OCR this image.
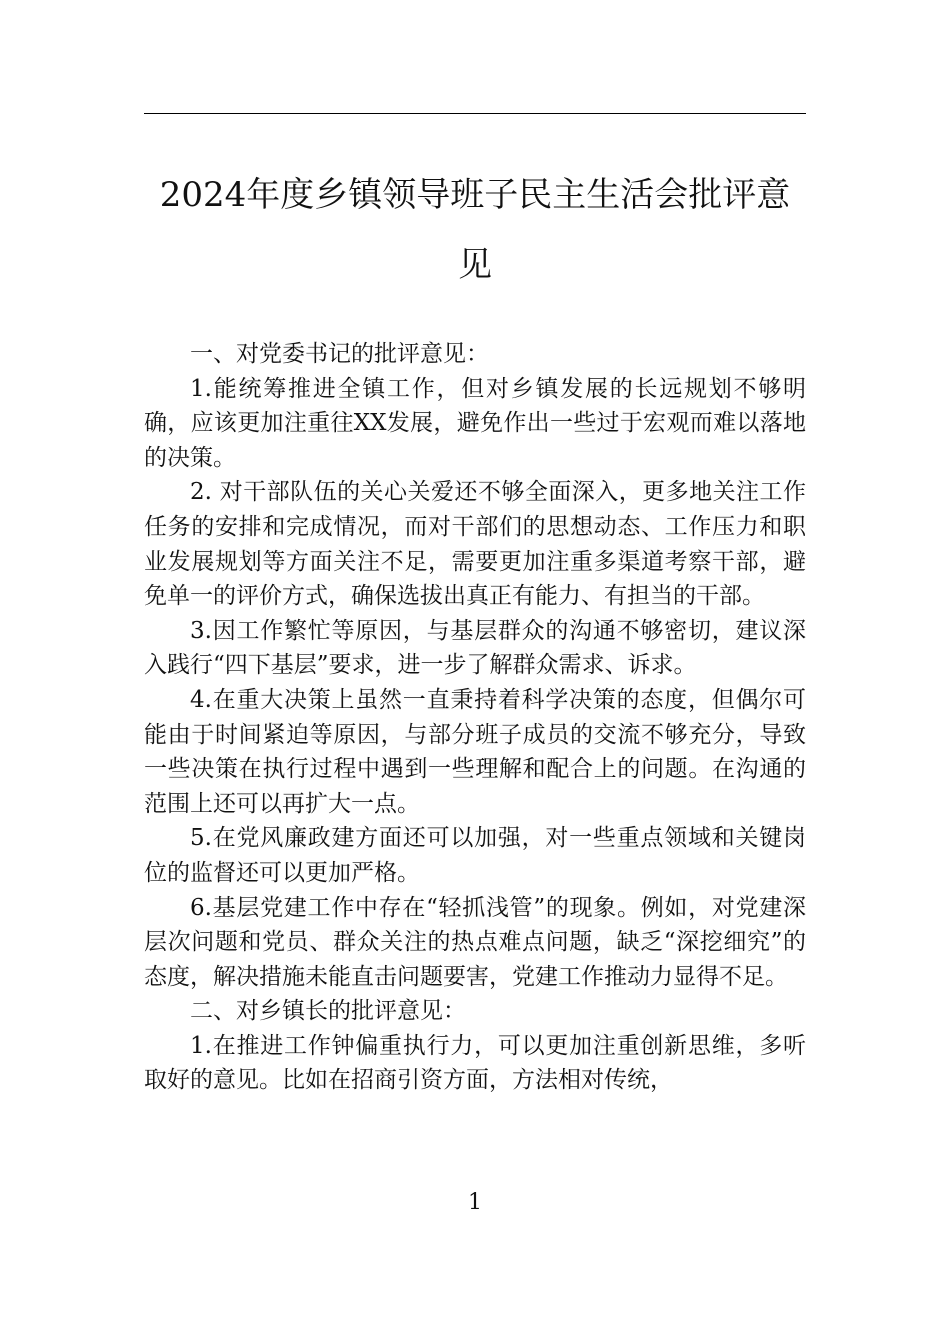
2024年度乡镇领导班子民主生活会批评意见

一、对党委书记的批评意见：

1.能统筹推进全镇工作，但对乡镇发展的长远规划不够明确，应该更加注重往XX发展，避免作出一些过于宏观而难以落地的决策。

2. 对干部队伍的关心关爱还不够全面深入，更多地关注工作任务的安排和完成情况，而对干部们的思想动态、工作压力和职业发展规划等方面关注不足，需要更加注重多渠道考察干部，避免单一的评价方式，确保选拔出真正有能力、有担当的干部。

3.因工作繁忙等原因，与基层群众的沟通不够密切，建议深入践行“四下基层”要求，进一步了解群众需求、诉求。

4.在重大决策上虽然一直秉持着科学决策的态度，但偶尔可能由于时间紧迫等原因，与部分班子成员的交流不够充分，导致一些决策在执行过程中遇到一些理解和配合上的问题。在沟通的范围上还可以再扩大一点。

5.在党风廉政建方面还可以加强，对一些重点领域和关键岗位的监督还可以更加严格。

6.基层党建工作中存在“轻抓浅管”的现象。例如，对党建深层次问题和党员、群众关注的热点难点问题，缺乏“深挖细究”的态度，解决措施未能直击问题要害，党建工作推动力显得不足。

二、对乡镇长的批评意见：

1.在推进工作钟偏重执行力，可以更加注重创新思维，多听取好的意见。比如在招商引资方面，方法相对传统，

1
